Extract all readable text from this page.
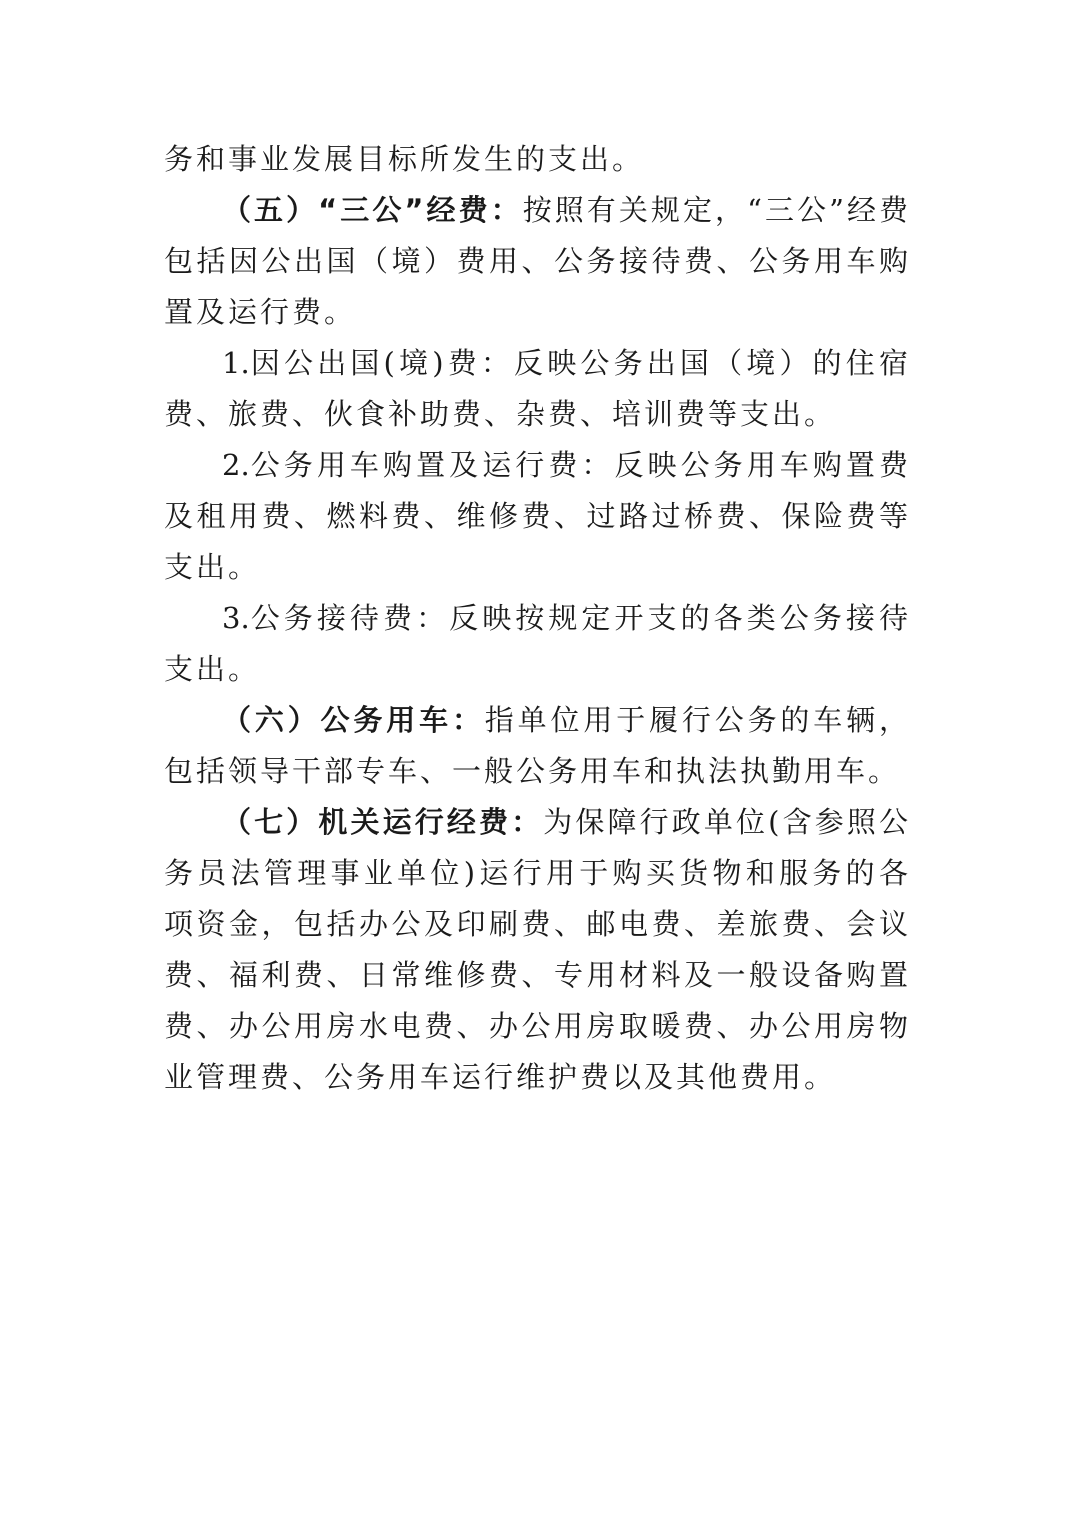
务和事业发展目标所发生的支出。

（五）“三公”经费：按照有关规定，“三公”经费包括因公出国（境）费用、公务接待费、公务用车购置及运行费。

1.因公出国(境)费：反映公务出国（境）的住宿费、旅费、伙食补助费、杂费、培训费等支出。

2.公务用车购置及运行费：反映公务用车购置费及租用费、燃料费、维修费、过路过桥费、保险费等支出。

3.公务接待费：反映按规定开支的各类公务接待支出。

（六）公务用车：指单位用于履行公务的车辆，包括领导干部专车、一般公务用车和执法执勤用车。

（七）机关运行经费：为保障行政单位(含参照公务员法管理事业单位)运行用于购买货物和服务的各项资金，包括办公及印刷费、邮电费、差旅费、会议费、福利费、日常维修费、专用材料及一般设备购置费、办公用房水电费、办公用房取暖费、办公用房物业管理费、公务用车运行维护费以及其他费用。
